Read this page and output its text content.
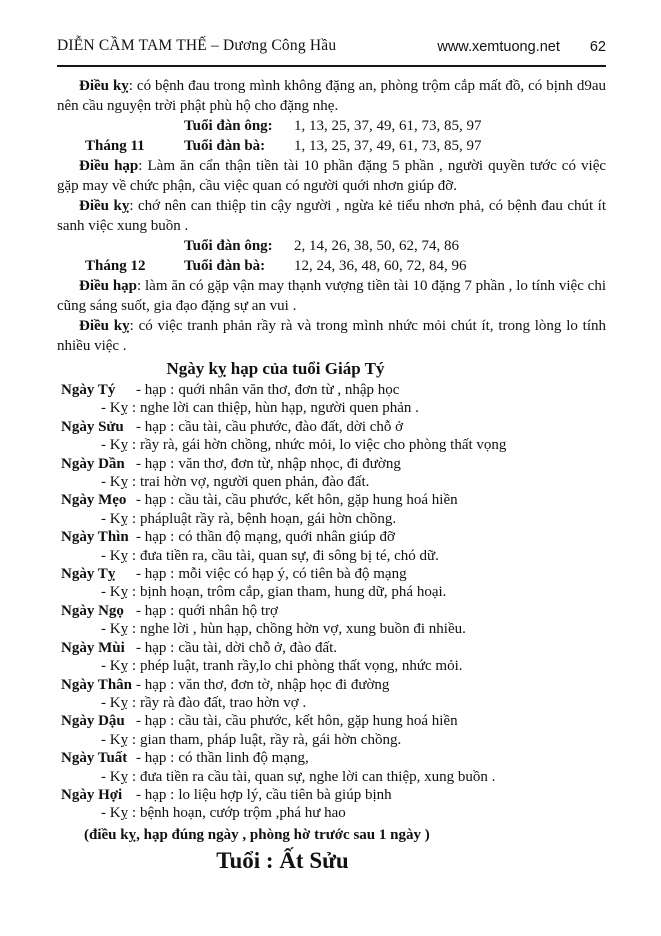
DIỄN CẦM TAM THẾ – Dương Công Hầu	www.xemtuong.net 62

Điều kỵ: có bệnh đau trong mình không đặng an, phòng trộm cắp mất đồ, có bịnh d9au nên cầu nguyện trời phật phù hộ cho đặng nhẹ.

Tuổi đàn ông:	1, 13, 25, 37, 49, 61, 73, 85, 97
Tháng 11	Tuổi đàn bà:	1, 13, 25, 37, 49, 61, 73, 85, 97

Điều hạp: Làm ăn cẩn thận tiền tài 10 phần đặng 5 phần , người quyền tước có việc gặp may về chức phận, cầu việc quan có người quới nhơn giúp đỡ.

Điều kỵ: chớ nên can thiệp tin cậy người , ngừa kẻ tiểu nhơn phả, có bệnh đau chút ít sanh việc xung buồn .

Tuổi đàn ông:	2, 14, 26, 38, 50, 62, 74, 86
Tháng 12	Tuổi đàn bà:	12, 24, 36, 48, 60, 72, 84, 96

Điều hạp: làm ăn có gặp vận may thạnh vượng tiền tài 10 đặng 7 phần , lo tính việc chi cũng sáng suốt, gia đạo đặng sự an vui .

Điều kỵ: có việc tranh phản rầy rà và trong mình nhức mỏi chút ít, trong lòng lo tính nhiều việc .

Ngày kỵ hạp của tuổi Giáp Tý
Ngày Tý - hạp : quới nhân văn thơ, đơn từ , nhập học
- Kỵ : nghe lời can thiệp, hùn hạp, người quen phản .
Ngày Sửu - hạp : cầu tài, cầu phước, đào đất, dời chỗ ở
- Kỵ : rầy rà, gái hờn chồng, nhức mỏi, lo việc cho phòng thất vọng
Ngày Dần - hạp : văn thơ, đơn từ, nhập nhọc, đi đường
- Kỵ : trai hờn vợ, người quen phản, đào đất.
Ngày Mẹo - hạp : cầu tài, cầu phước, kết hôn, gặp hung hoá hiền
- Kỵ : phápluật rầy rà, bệnh hoạn, gái hờn chồng.
Ngày Thìn - hạp : có thần độ mạng, quới nhân giúp đỡ
- Kỵ : đưa tiền ra, cầu tài, quan sự, đi sông bị té, chó dữ.
Ngày Tỵ - hạp : mỗi việc có hạp ý, có tiên bà độ mạng
- Kỵ : bịnh hoạn, trôm cắp, gian tham, hung dữ, phá hoại.
Ngày Ngọ - hạp : quới nhân hộ trợ
- Kỵ : nghe lời , hùn hạp, chồng hờn vợ, xung buồn đi nhiều.
Ngày Mùi - hạp : cầu tài, dời chỗ ở, đào đất.
- Kỵ : phép luật, tranh rầy,lo chi phòng thất vọng, nhức mỏi.
Ngày Thân - hạp : văn thơ, đơn tờ, nhập học đi đường
- Kỵ : rầy rà đào đất, trao hờn vợ .
Ngày Dậu - hạp : cầu tài, cầu phước, kết hôn, gặp hung hoá hiền
- Kỵ : gian tham, pháp luật, rầy rà, gái hờn chồng.
Ngày Tuất - hạp : có thần linh độ mạng,
- Kỵ : đưa tiền ra cầu tài, quan sự, nghe lời can thiệp, xung buồn .
Ngày Hợi - hạp : lo liệu hợp lý, cầu tiên bà giúp bịnh
- Kỵ : bệnh hoạn, cướp trộm ,phá hư hao
(điều kỵ, hạp đúng ngày , phòng hờ trước sau 1 ngày )
Tuổi : Ất Sửu
